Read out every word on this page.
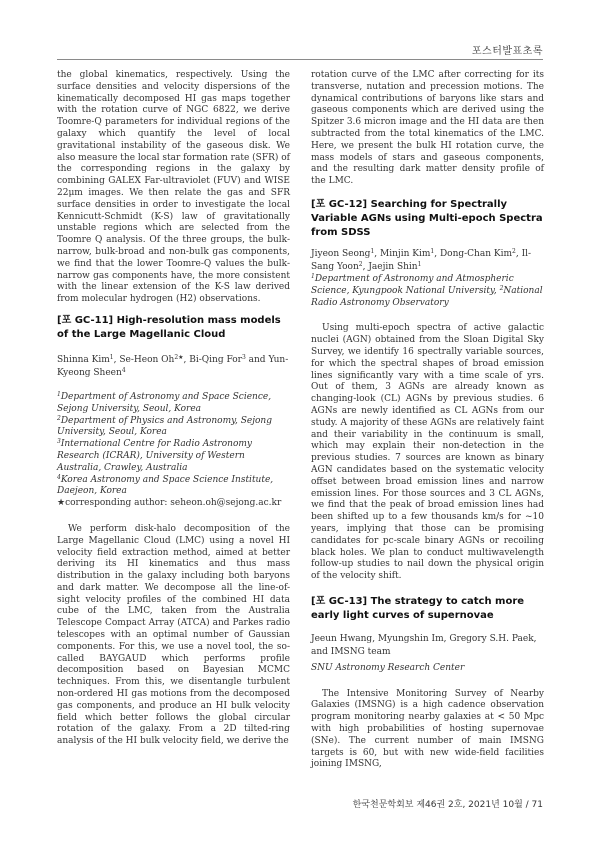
포스터발표초록

the global kinematics, respectively. Using the surface densities and velocity dispersions of the kinematically decomposed HI gas maps together with the rotation curve of NGC 6822, we derive Toomre-Q parameters for individual regions of the galaxy which quantify the level of local gravitational instability of the gaseous disk. We also measure the local star formation rate (SFR) of the corresponding regions in the galaxy by combining GALEX Far-ultraviolet (FUV) and WISE 22μm images. We then relate the gas and SFR surface densities in order to investigate the local Kennicutt-Schmidt (K-S) law of gravitationally unstable regions which are selected from the Toomre Q analysis. Of the three groups, the bulk-narrow, bulk-broad and non-bulk gas components, we find that the lower Toomre-Q values the bulk-narrow gas components have, the more consistent with the linear extension of the K-S law derived from molecular hydrogen (H2) observations.

[포 GC-11] High-resolution mass models of the Large Magellanic Cloud

Shinna Kim$^1$, Se-Heon $Oh^{2★}$, Bi-Qing For$^3$ and Yun-Kyeong Sheen$^4$

$^1$Department of Astronomy and Space Science, Sejong University, Seoul, Korea

$^2$Department of Physics and Astronomy, Sejong University, Seoul, Korea

$^3$International Centre for Radio Astronomy Research (ICRAR), University of Western Australia, Crawley, Australia

$^4$Korea Astronomy and Space Science Institute, Daejeon, Korea

★corresponding author: seheon.oh@sejong.ac.kr

We perform disk-halo decomposition of the Large Magellanic Cloud (LMC) using a novel HI velocity field extraction method, aimed at better deriving its HI kinematics and thus mass distribution in the galaxy including both baryons and dark matter. We decompose all the line-of-sight velocity profiles of the combined HI data cube of the LMC, taken from the Australia Telescope Compact Array (ATCA) and Parkes radio telescopes with an optimal number of Gaussian components. For this, we use a novel tool, the so-called BAYGAUD which performs profile decomposition based on Bayesian MCMC techniques. From this, we disentangle turbulent non-ordered HI gas motions from the decomposed gas components, and produce an HI bulk velocity field which better follows the global circular rotation of the galaxy. From a 2D tilted-ring analysis of the HI bulk velocity field, we derive the

rotation curve of the LMC after correcting for its transverse, nutation and precession motions. The dynamical contributions of baryons like stars and gaseous components which are derived using the Spitzer 3.6 micron image and the HI data are then subtracted from the total kinematics of the LMC. Here, we present the bulk HI rotation curve, the mass models of stars and gaseous components, and the resulting dark matter density profile of the LMC.

[포 GC-12] Searching for Spectrally Variable AGNs using Multi-epoch Spectra from SDSS

Jiyeon Seong$^1$, Minjin Kim$^1$, Dong-Chan Kim$^2$, Il-Sang Yoon$^2$, Jaejin Shin$^1$

$^1$Department of Astronomy and Atmospheric Science, Kyungpook National University, $^2$National Radio Astronomy Observatory

Using multi-epoch spectra of active galactic nuclei (AGN) obtained from the Sloan Digital Sky Survey, we identify 16 spectrally variable sources, for which the spectral shapes of broad emission lines significantly vary with a time scale of yrs. Out of them, 3 AGNs are already known as changing-look (CL) AGNs by previous studies. 6 AGNs are newly identified as CL AGNs from our study. A majority of these AGNs are relatively faint and their variability in the continuum is small, which may explain their non-detection in the previous studies. 7 sources are known as binary AGN candidates based on the systematic velocity offset between broad emission lines and narrow emission lines. For those sources and 3 CL AGNs, we find that the peak of broad emission lines had been shifted up to a few thousands km/s for ~10 years, implying that those can be promising candidates for pc-scale binary AGNs or recoiling black holes. We plan to conduct multiwavelength follow-up studies to nail down the physical origin of the velocity shift.

[포 GC-13] The strategy to catch more early light curves of supernovae

Jeeun Hwang, Myungshin Im, Gregory S.H. Paek, and IMSNG team

SNU Astronomy Research Center

The Intensive Monitoring Survey of Nearby Galaxies (IMSNG) is a high cadence observation program monitoring nearby galaxies at < 50 Mpc with high probabilities of hosting supernovae (SNe). The current number of main IMSNG targets is 60, but with new wide-field facilities joining IMSNG,

한국천문학회보 제46권 2호, 2021년 10월 / 71
